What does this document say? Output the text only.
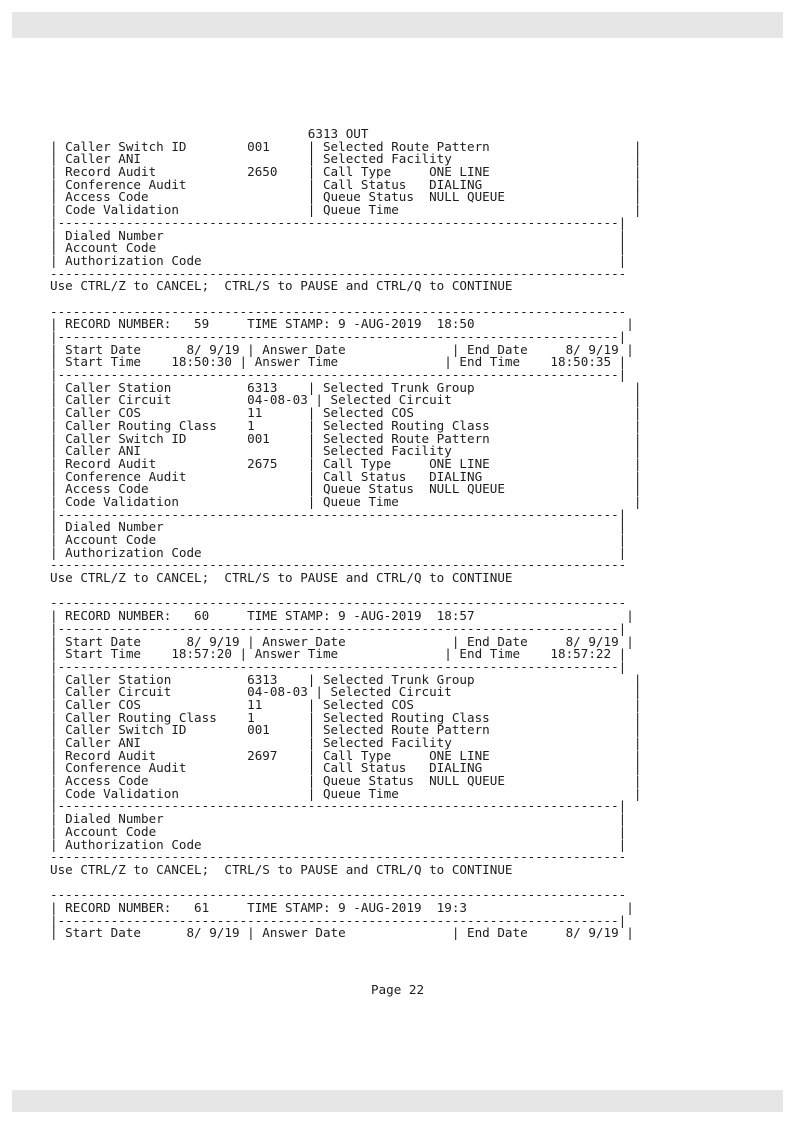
6313 OUT
| Caller Switch ID        001     | Selected Route Pattern                   |
| Caller ANI                      | Selected Facility                        |
| Record Audit            2650    | Call Type     ONE LINE                   |
| Conference Audit                | Call Status   DIALING                    |
| Access Code                     | Queue Status  NULL QUEUE                 |
| Code Validation                 | Queue Time                               |
|--------------------------------------------------------------------------|
| Dialed Number                                                            |
| Account Code                                                             |
| Authorization Code                                                       |
----------------------------------------------------------------------------
Use CTRL/Z to CANCEL;  CTRL/S to PAUSE and CTRL/Q to CONTINUE
----------------------------------------------------------------------------
| RECORD NUMBER:   59     TIME STAMP: 9 -AUG-2019  18:50                    |
|--------------------------------------------------------------------------|
| Start Date      8/ 9/19 | Answer Date              | End Date     8/ 9/19 |
| Start Time    18:50:30 | Answer Time              | End Time    18:50:35 |
|--------------------------------------------------------------------------|
| Caller Station          6313    | Selected Trunk Group                     |
| Caller Circuit          04-08-03 | Selected Circuit                        |
| Caller COS              11      | Selected COS                             |
| Caller Routing Class    1       | Selected Routing Class                   |
| Caller Switch ID        001     | Selected Route Pattern                   |
| Caller ANI                      | Selected Facility                        |
| Record Audit            2675    | Call Type     ONE LINE                   |
| Conference Audit                | Call Status   DIALING                    |
| Access Code                     | Queue Status  NULL QUEUE                 |
| Code Validation                 | Queue Time                               |
|--------------------------------------------------------------------------|
| Dialed Number                                                            |
| Account Code                                                             |
| Authorization Code                                                       |
----------------------------------------------------------------------------
Use CTRL/Z to CANCEL;  CTRL/S to PAUSE and CTRL/Q to CONTINUE
----------------------------------------------------------------------------
| RECORD NUMBER:   60     TIME STAMP: 9 -AUG-2019  18:57                    |
|--------------------------------------------------------------------------|
| Start Date      8/ 9/19 | Answer Date              | End Date     8/ 9/19 |
| Start Time    18:57:20 | Answer Time              | End Time    18:57:22 |
|--------------------------------------------------------------------------|
| Caller Station          6313    | Selected Trunk Group                     |
| Caller Circuit          04-08-03 | Selected Circuit                        |
| Caller COS              11      | Selected COS                             |
| Caller Routing Class    1       | Selected Routing Class                   |
| Caller Switch ID        001     | Selected Route Pattern                   |
| Caller ANI                      | Selected Facility                        |
| Record Audit            2697    | Call Type     ONE LINE                   |
| Conference Audit                | Call Status   DIALING                    |
| Access Code                     | Queue Status  NULL QUEUE                 |
| Code Validation                 | Queue Time                               |
|--------------------------------------------------------------------------|
| Dialed Number                                                            |
| Account Code                                                             |
| Authorization Code                                                       |
----------------------------------------------------------------------------
Use CTRL/Z to CANCEL;  CTRL/S to PAUSE and CTRL/Q to CONTINUE
----------------------------------------------------------------------------
| RECORD NUMBER:   61     TIME STAMP: 9 -AUG-2019  19:3                     |
|--------------------------------------------------------------------------|
| Start Date      8/ 9/19 | Answer Date              | End Date     8/ 9/19 |
Page 22
